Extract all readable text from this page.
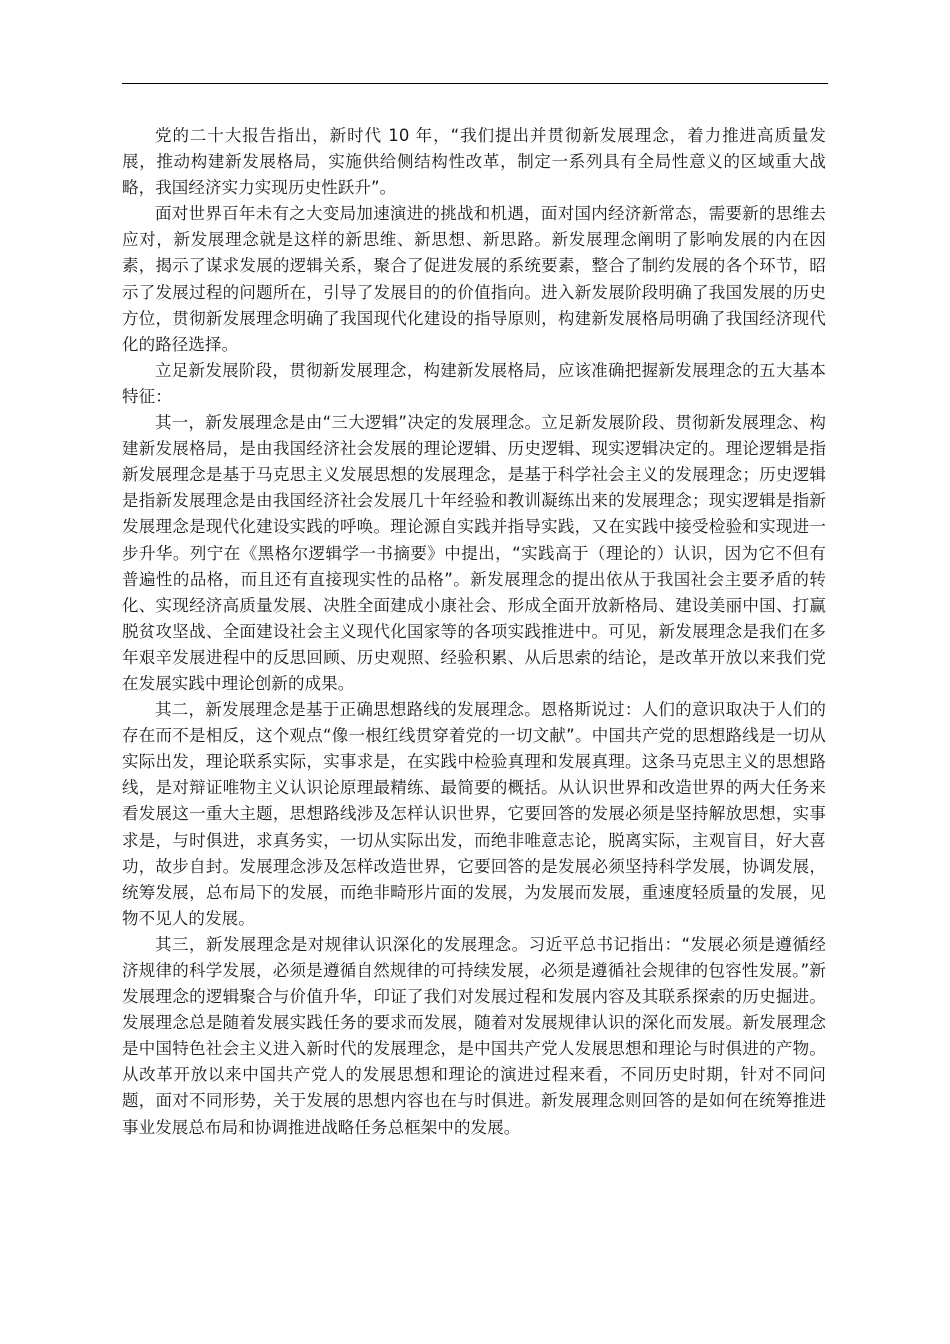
党的二十大报告指出，新时代 10 年，“我们提出并贯彻新发展理念，着力推进高质量发展，推动构建新发展格局，实施供给侧结构性改革，制定一系列具有全局性意义的区域重大战略，我国经济实力实现历史性跃升”。

面对世界百年未有之大变局加速演进的挑战和机遇，面对国内经济新常态，需要新的思维去应对，新发展理念就是这样的新思维、新思想、新思路。新发展理念阐明了影响发展的内在因素，揭示了谋求发展的逻辑关系，聚合了促进发展的系统要素，整合了制约发展的各个环节，昭示了发展过程的问题所在，引导了发展目的的价值指向。进入新发展阶段明确了我国发展的历史方位，贯彻新发展理念明确了我国现代化建设的指导原则，构建新发展格局明确了我国经济现代化的路径选择。

立足新发展阶段，贯彻新发展理念，构建新发展格局，应该准确把握新发展理念的五大基本特征：

其一，新发展理念是由“三大逻辑”决定的发展理念。立足新发展阶段、贯彻新发展理念、构建新发展格局，是由我国经济社会发展的理论逻辑、历史逻辑、现实逻辑决定的。理论逻辑是指新发展理念是基于马克思主义发展思想的发展理念，是基于科学社会主义的发展理念；历史逻辑是指新发展理念是由我国经济社会发展几十年经验和教训凝练出来的发展理念；现实逻辑是指新发展理念是现代化建设实践的呼唤。理论源自实践并指导实践，又在实践中接受检验和实现进一步升华。列宁在《黑格尔逻辑学一书摘要》中提出，“实践高于（理论的）认识，因为它不但有普遍性的品格，而且还有直接现实性的品格”。新发展理念的提出依从于我国社会主要矛盾的转化、实现经济高质量发展、决胜全面建成小康社会、形成全面开放新格局、建设美丽中国、打赢脱贫攻坚战、全面建设社会主义现代化国家等的各项实践推进中。可见，新发展理念是我们在多年艰辛发展进程中的反思回顾、历史观照、经验积累、从后思索的结论，是改革开放以来我们党在发展实践中理论创新的成果。

其二，新发展理念是基于正确思想路线的发展理念。恩格斯说过：人们的意识取决于人们的存在而不是相反，这个观点“像一根红线贯穿着党的一切文献”。中国共产党的思想路线是一切从实际出发，理论联系实际，实事求是，在实践中检验真理和发展真理。这条马克思主义的思想路线，是对辩证唯物主义认识论原理最精练、最简要的概括。从认识世界和改造世界的两大任务来看发展这一重大主题，思想路线涉及怎样认识世界，它要回答的发展必须是坚持解放思想，实事求是，与时俱进，求真务实，一切从实际出发，而绝非唯意志论，脱离实际，主观盲目，好大喜功，故步自封。发展理念涉及怎样改造世界，它要回答的是发展必须坚持科学发展，协调发展，统筹发展，总布局下的发展，而绝非畸形片面的发展，为发展而发展，重速度轻质量的发展，见物不见人的发展。

其三，新发展理念是对规律认识深化的发展理念。习近平总书记指出：“发展必须是遵循经济规律的科学发展，必须是遵循自然规律的可持续发展，必须是遵循社会规律的包容性发展。”新发展理念的逻辑聚合与价值升华，印证了我们对发展过程和发展内容及其联系探索的历史掘进。发展理念总是随着发展实践任务的要求而发展，随着对发展规律认识的深化而发展。新发展理念是中国特色社会主义进入新时代的发展理念，是中国共产党人发展思想和理论与时俱进的产物。从改革开放以来中国共产党人的发展思想和理论的演进过程来看，不同历史时期，针对不同问题，面对不同形势，关于发展的思想内容也在与时俱进。新发展理念则回答的是如何在统筹推进事业发展总布局和协调推进战略任务总框架中的发展。
